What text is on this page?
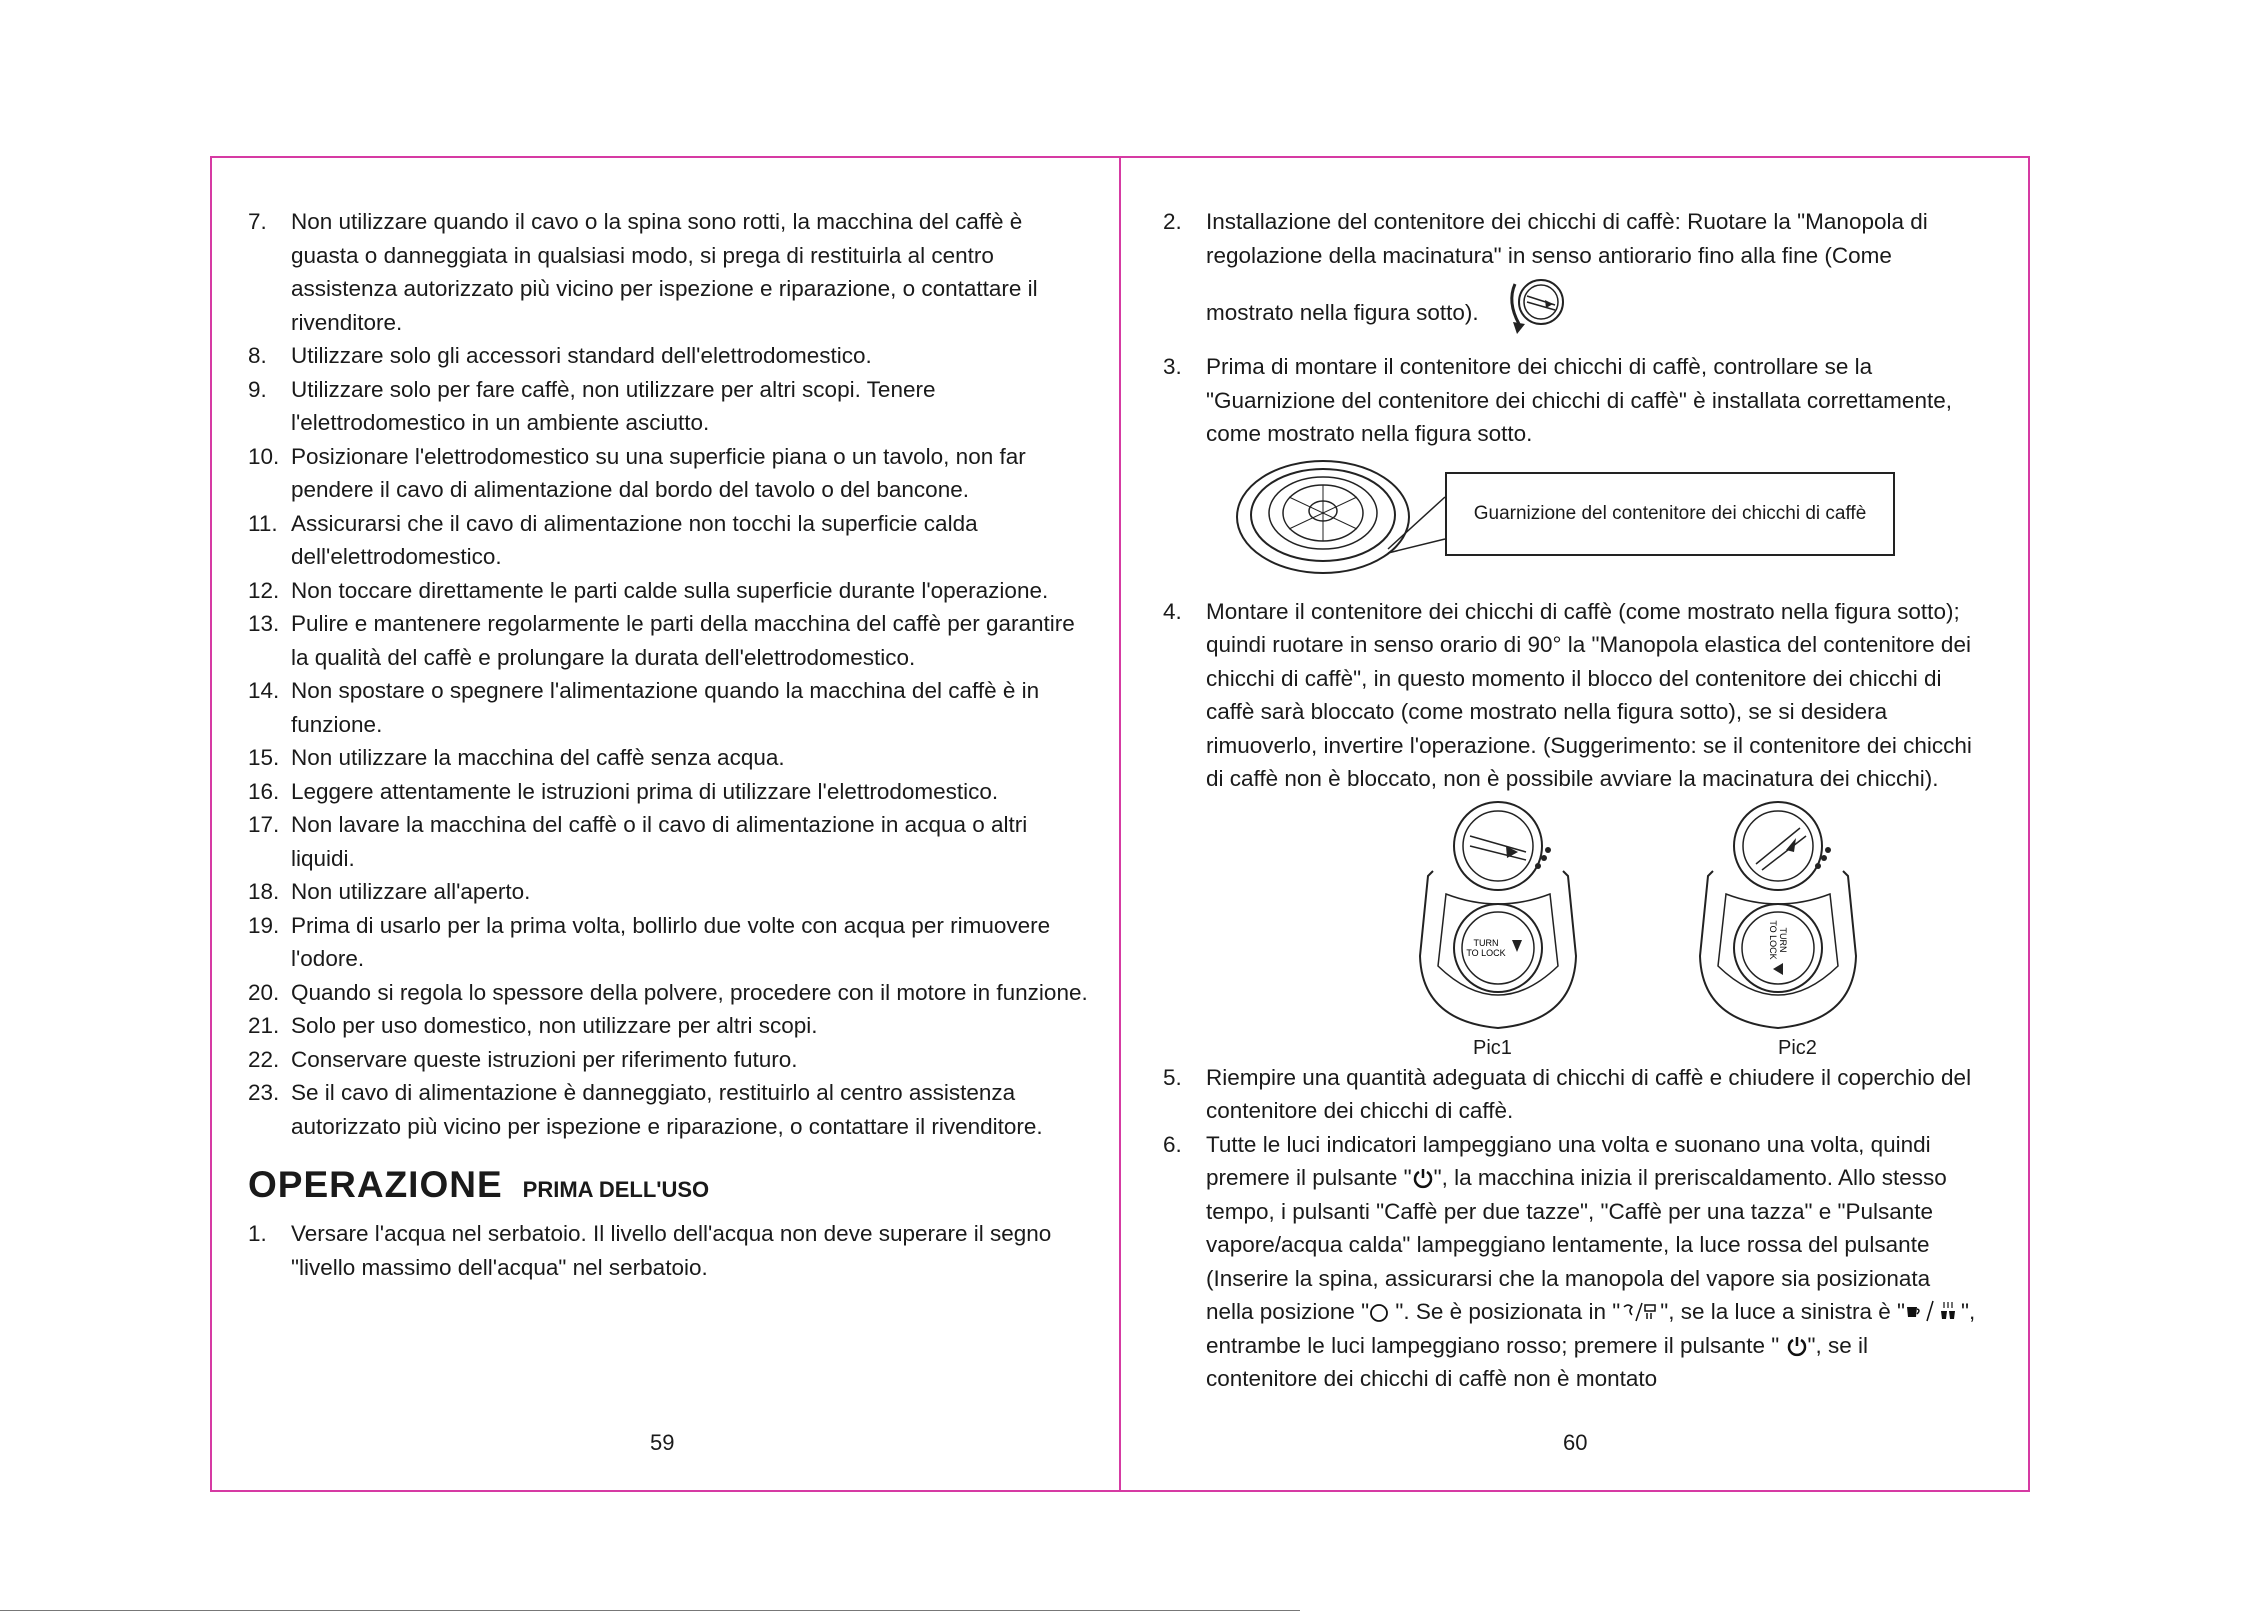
7. Non utilizzare quando il cavo o la spina sono rotti, la macchina del caffè è guasta o danneggiata in qualsiasi modo, si prega di restituirla al centro assistenza autorizzato più vicino per ispezione e riparazione, o contattare il rivenditore.
8. Utilizzare solo gli accessori standard dell'elettrodomestico.
9. Utilizzare solo per fare caffè, non utilizzare per altri scopi. Tenere l'elettrodomestico in un ambiente asciutto.
10. Posizionare l'elettrodomestico su una superficie piana o un tavolo, non far pendere il cavo di alimentazione dal bordo del tavolo o del bancone.
11. Assicurarsi che il cavo di alimentazione non tocchi la superficie calda dell'elettrodomestico.
12. Non toccare direttamente le parti calde sulla superficie durante l'operazione.
13. Pulire e mantenere regolarmente le parti della macchina del caffè per garantire la qualità del caffè e prolungare la durata dell'elettrodomestico.
14. Non spostare o spegnere l'alimentazione quando la macchina del caffè è in funzione.
15. Non utilizzare la macchina del caffè senza acqua.
16. Leggere attentamente le istruzioni prima di utilizzare l'elettrodomestico.
17. Non lavare la macchina del caffè o il cavo di alimentazione in acqua o altri liquidi.
18. Non utilizzare all'aperto.
19. Prima di usarlo per la prima volta, bollirlo due volte con acqua per rimuovere l'odore.
20. Quando si regola lo spessore della polvere, procedere con il motore in funzione.
21. Solo per uso domestico, non utilizzare per altri scopi.
22. Conservare queste istruzioni per riferimento futuro.
23. Se il cavo di alimentazione è danneggiato, restituirlo al centro assistenza autorizzato più vicino per ispezione e riparazione, o contattare il rivenditore.
OPERAZIONE PRIMA DELL'USO
1. Versare l'acqua nel serbatoio. Il livello dell'acqua non deve superare il segno "livello massimo dell'acqua" nel serbatoio.
59
2. Installazione del contenitore dei chicchi di caffè: Ruotare la "Manopola di regolazione della macinatura" in senso antiorario fino alla fine (Come mostrato nella figura sotto).
3. Prima di montare il contenitore dei chicchi di caffè, controllare se la "Guarnizione del contenitore dei chicchi di caffè" è installata correttamente, come mostrato nella figura sotto.
Guarnizione del contenitore dei chicchi di caffè
4. Montare il contenitore dei chicchi di caffè (come mostrato nella figura sotto); quindi ruotare in senso orario di 90° la "Manopola elastica del contenitore dei chicchi di caffè", in questo momento il blocco del contenitore dei chicchi di caffè sarà bloccato (come mostrato nella figura sotto), se si desidera rimuoverlo, invertire l'operazione. (Suggerimento: se il contenitore dei chicchi di caffè non è bloccato, non è possibile avviare la macinatura dei chicchi).
TURN
TO LOCK
Pic1
TURN
TO LOCK
Pic2
5. Riempire una quantità adeguata di chicchi di caffè e chiudere il coperchio del contenitore dei chicchi di caffè.
6. Tutte le luci indicatori lampeggiano una volta e suonano una volta, quindi premere il pulsante " ", la macchina inizia il preriscaldamento. Allo stesso tempo, i pulsanti "Caffè per due tazze", "Caffè per una tazza" e "Pulsante vapore/acqua calda" lampeggiano lentamente, la luce rossa del pulsante (Inserire la spina, assicurarsi che la manopola del vapore sia posizionata nella posizione " ". Se è posizionata in " ", se la luce a sinistra è " ", entrambe le luci lampeggiano rosso; premere il pulsante " ", se il contenitore dei chicchi di caffè non è montato
60
